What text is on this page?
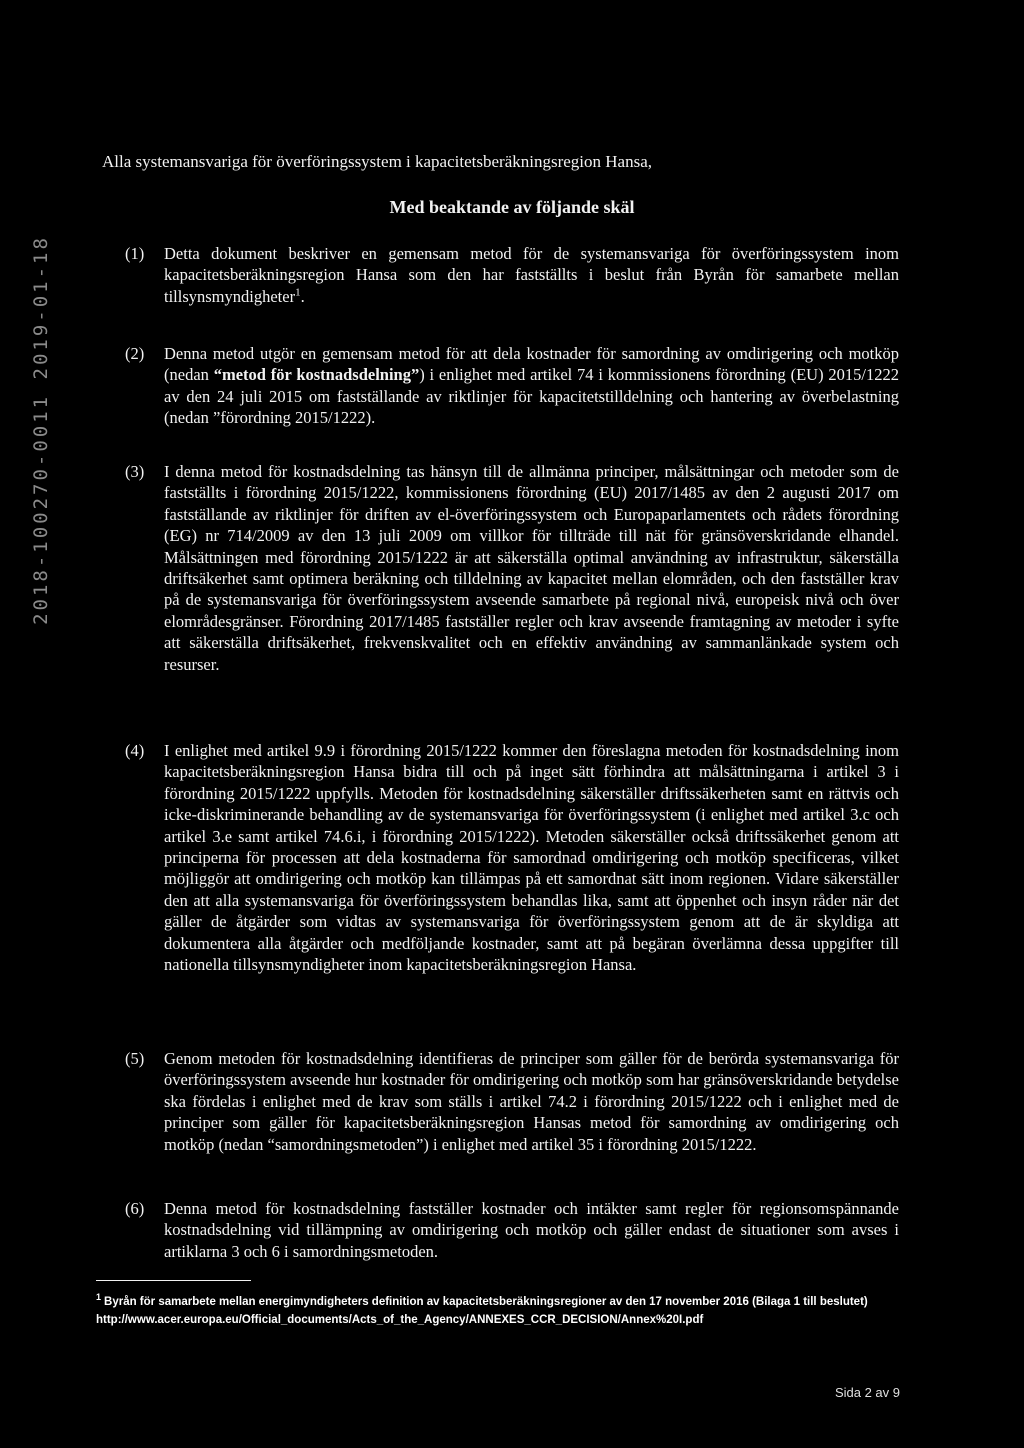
2018-100270-0011 2019-01-18

Alla systemansvariga för överföringssystem i kapacitetsberäkningsregion Hansa,

Med beaktande av följande skäl
(1) Detta dokument beskriver en gemensam metod för de systemansvariga för överföringssystem inom kapacitetsberäkningsregion Hansa som den har fastställts i beslut från Byrån för samarbete mellan tillsynsmyndigheter$^1$.
(2) Denna metod utgör en gemensam metod för att dela kostnader för samordning av omdirigering och motköp (nedan “metod för kostnadsdelning”) i enlighet med artikel 74 i kommissionens förordning (EU) 2015/1222 av den 24 juli 2015 om fastställande av riktlinjer för kapacitetstilldelning och hantering av överbelastning (nedan ”förordning 2015/1222).
(3) I denna metod för kostnadsdelning tas hänsyn till de allmänna principer, målsättningar och metoder som de fastställts i förordning 2015/1222, kommissionens förordning (EU) 2017/1485 av den 2 augusti 2017 om fastställande av riktlinjer för driften av el-överföringssystem och Europaparlamentets och rådets förordning (EG) nr 714/2009 av den 13 juli 2009 om villkor för tillträde till nät för gränsöverskridande elhandel. Målsättningen med förordning 2015/1222 är att säkerställa optimal användning av infrastruktur, säkerställa driftsäkerhet samt optimera beräkning och tilldelning av kapacitet mellan elområden, och den fastställer krav på de systemansvariga för överföringssystem avseende samarbete på regional nivå, europeisk nivå och över elområdesgränser. Förordning 2017/1485 fastställer regler och krav avseende framtagning av metoder i syfte att säkerställa driftsäkerhet, frekvenskvalitet och en effektiv användning av sammanlänkade system och resurser.
(4) I enlighet med artikel 9.9 i förordning 2015/1222 kommer den föreslagna metoden för kostnadsdelning inom kapacitetsberäkningsregion Hansa bidra till och på inget sätt förhindra att målsättningarna i artikel 3 i förordning 2015/1222 uppfylls. Metoden för kostnadsdelning säkerställer driftssäkerheten samt en rättvis och icke-diskriminerande behandling av de systemansvariga för överföringssystem (i enlighet med artikel 3.c och artikel 3.e samt artikel 74.6.i, i förordning 2015/1222). Metoden säkerställer också driftssäkerhet genom att principerna för processen att dela kostnaderna för samordnad omdirigering och motköp specificeras, vilket möjliggör att omdirigering och motköp kan tillämpas på ett samordnat sätt inom regionen. Vidare säkerställer den att alla systemansvariga för överföringssystem behandlas lika, samt att öppenhet och insyn råder när det gäller de åtgärder som vidtas av systemansvariga för överföringssystem genom att de är skyldiga att dokumentera alla åtgärder och medföljande kostnader, samt att på begäran överlämna dessa uppgifter till nationella tillsynsmyndigheter inom kapacitetsberäkningsregion Hansa.
(5) Genom metoden för kostnadsdelning identifieras de principer som gäller för de berörda systemansvariga för överföringssystem avseende hur kostnader för omdirigering och motköp som har gränsöverskridande betydelse ska fördelas i enlighet med de krav som ställs i artikel 74.2 i förordning 2015/1222 och i enlighet med de principer som gäller för kapacitetsberäkningsregion Hansas metod för samordning av omdirigering och motköp (nedan “samordningsmetoden”) i enlighet med artikel 35 i förordning 2015/1222.
(6) Denna metod för kostnadsdelning fastställer kostnader och intäkter samt regler för regionsomspännande kostnadsdelning vid tillämpning av omdirigering och motköp och gäller endast de situationer som avses i artiklarna 3 och 6 i samordningsmetoden.
$^1$ Byrån för samarbete mellan energimyndigheters definition av kapacitetsberäkningsregioner av den 17 november 2016 (Bilaga 1 till beslutet)
http://www.acer.europa.eu/Official_documents/Acts_of_the_Agency/ANNEXES_CCR_DECISION/Annex%20I.pdf
Sida 2 av 9
